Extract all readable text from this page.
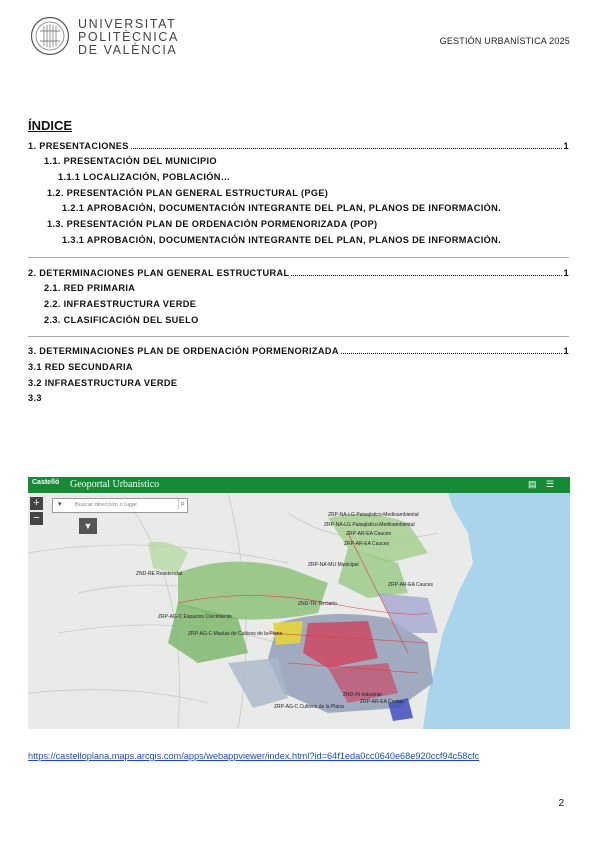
UNIVERSITAT
POLITÈCNICA
DE VALÈNCIA
GESTIÓN URBANÍSTICA 2025
ÍNDICE
1. PRESENTACIONES	1
1.1. PRESENTACIÓN DEL MUNICIPIO
1.1.1 LOCALIZACIÓN, POBLACIÓN…
1.2. PRESENTACIÓN PLAN GENERAL ESTRUCTURAL (PGE)
1.2.1 APROBACIÓN, DOCUMENTACIÓN INTEGRANTE DEL PLAN, PLANOS DE INFORMACIÓN.
1.3. PRESENTACIÓN PLAN DE ORDENACIÓN PORMENORIZADA (POP)
1.3.1 APROBACIÓN, DOCUMENTACIÓN INTEGRANTE DEL PLAN, PLANOS DE INFORMACIÓN.
2. DETERMINACIONES PLAN GENERAL ESTRUCTURAL	1
2.1. RED PRIMARIA
2.2. INFRAESTRUCTURA VERDE
2.3. CLASIFICACIÓN DEL SUELO
3. DETERMINACIONES PLAN DE ORDENACIÓN PORMENORIZADA	1
3.1 RED SECUNDARIA
3.2 INFRAESTRUCTURA VERDE
3.3
Castelló Geoportal Urbanístico	▤	☰
ZRP-NA-LG Paisajístico-Medioambiental
ZRP-NA-LG Paisajístico-Medioambiental
ZRP-AR-EA Cauces
ZRP-AR-EA Cauces
ZRP-AR-EA Cauces
ZND-RE Residencial
ZRP-NA-MU Municipal
ZRP-AG-C Espacios Crecimiento
ZND-TR Terciario
ZRP-AG-C Masías de Cultivos de la Plana
ZND-IN Industrial
ZRP-AG-C Cultivos de la Plana
ZRP-AR-EA Costas
+
−
▾ Buscar dirección o lugar	⌕
▼
https://castelloplana.maps.arcgis.com/apps/webappviewer/index.html?id=64f1eda0cc0640e68e920ccf94c58cfc
2
